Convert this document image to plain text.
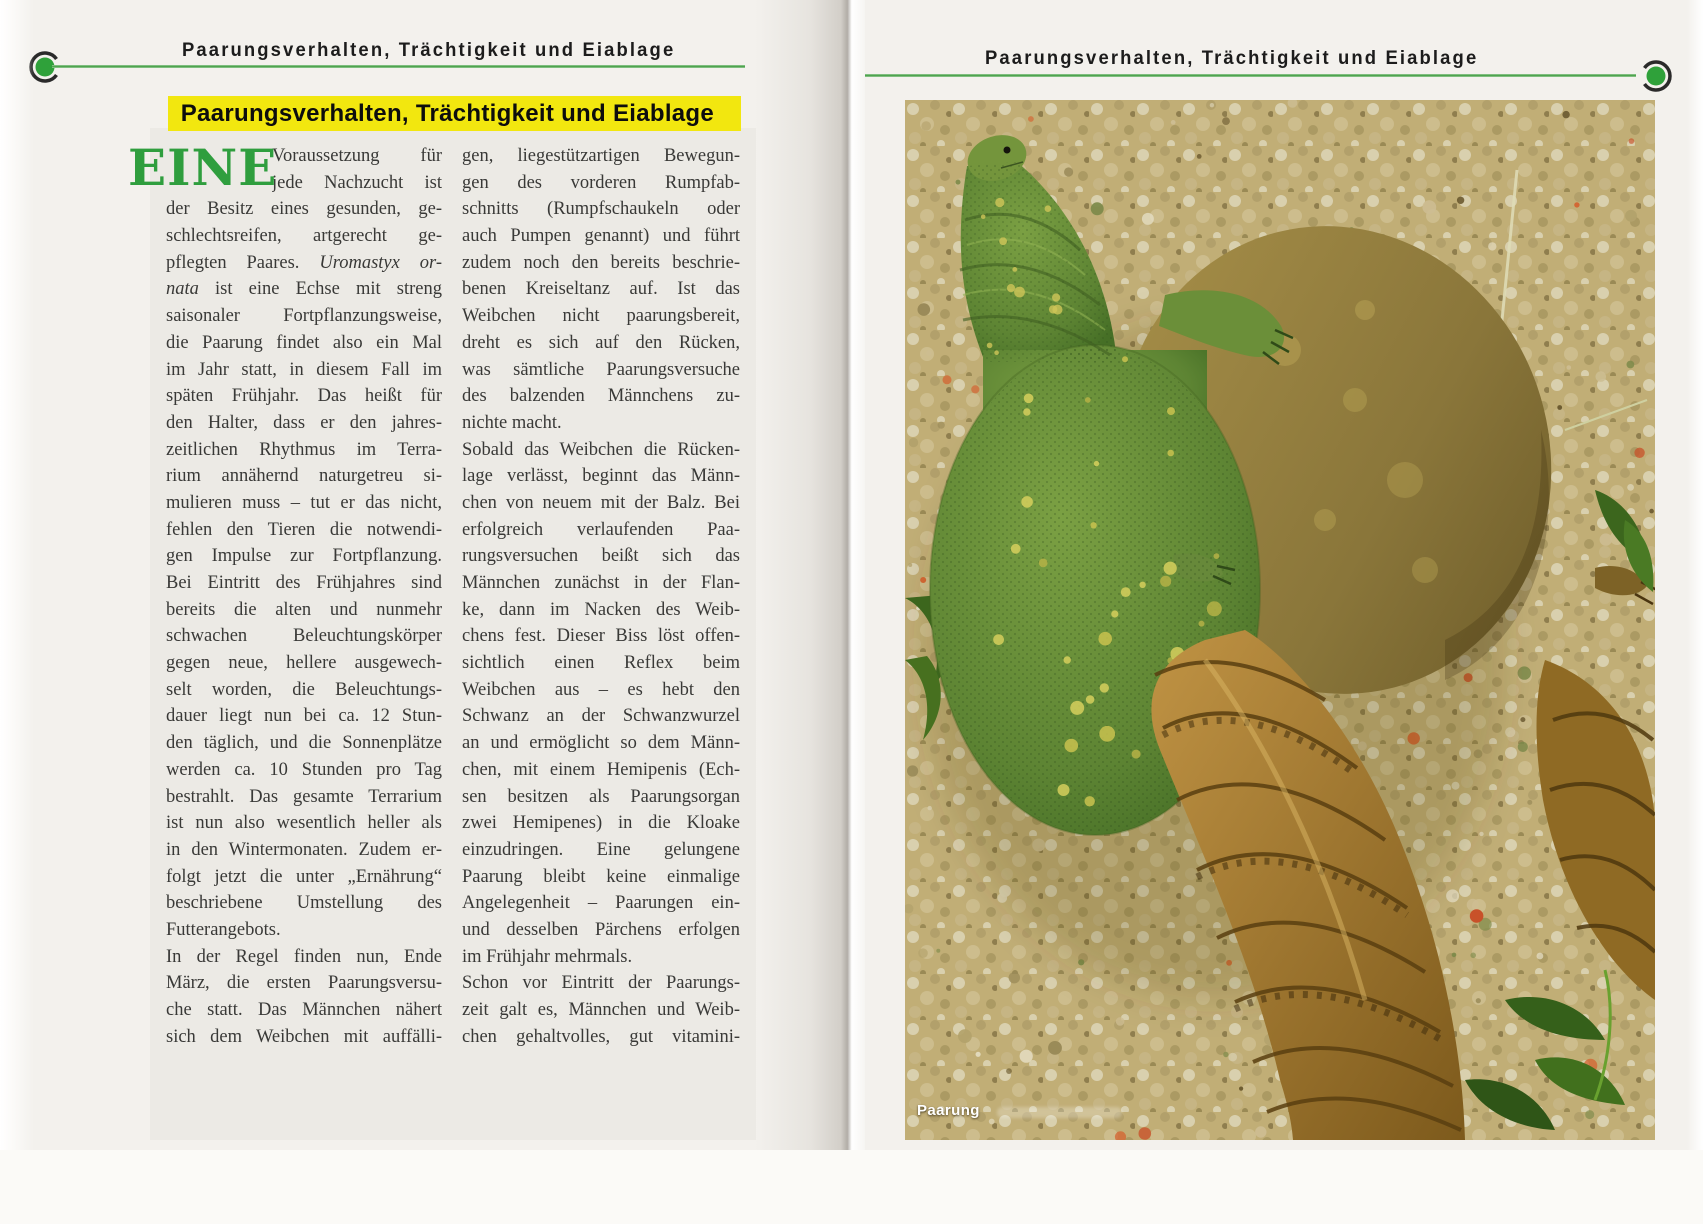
Paarungsverhalten, Trächtigkeit und Eiablage
Paarungsverhalten, Trächtigkeit und Eiablage
EINE
Voraussetzung für
jede Nachzucht ist
der Besitz eines gesunden, ge-
schlechtsreifen, artgerecht ge-
pflegten Paares. Uromastyx or-
nata ist eine Echse mit streng
saisonaler Fortpflanzungsweise,
die Paarung findet also ein Mal
im Jahr statt, in diesem Fall im
späten Frühjahr. Das heißt für
den Halter, dass er den jahres-
zeitlichen Rhythmus im Terra-
rium annähernd naturgetreu si-
mulieren muss – tut er das nicht,
fehlen den Tieren die notwendi-
gen Impulse zur Fortpflanzung.
Bei Eintritt des Frühjahres sind
bereits die alten und nunmehr
schwachen Beleuchtungskörper
gegen neue, hellere ausgewech-
selt worden, die Beleuchtungs-
dauer liegt nun bei ca. 12 Stun-
den täglich, und die Sonnenplätze
werden ca. 10 Stunden pro Tag
bestrahlt. Das gesamte Terrarium
ist nun also wesentlich heller als
in den Wintermonaten. Zudem er-
folgt jetzt die unter „Ernährung“
beschriebene Umstellung des
Futterangebots.
In der Regel finden nun, Ende
März, die ersten Paarungsversu-
che statt. Das Männchen nähert
sich dem Weibchen mit auffälli-
gen, liegestützartigen Bewegun-
gen des vorderen Rumpfab-
schnitts (Rumpfschaukeln oder
auch Pumpen genannt) und führt
zudem noch den bereits beschrie-
benen Kreiseltanz auf. Ist das
Weibchen nicht paarungsbereit,
dreht es sich auf den Rücken,
was sämtliche Paarungsversuche
des balzenden Männchens zu-
nichte macht.
Sobald das Weibchen die Rücken-
lage verlässt, beginnt das Männ-
chen von neuem mit der Balz. Bei
erfolgreich verlaufenden Paa-
rungsversuchen beißt sich das
Männchen zunächst in der Flan-
ke, dann im Nacken des Weib-
chens fest. Dieser Biss löst offen-
sichtlich einen Reflex beim
Weibchen aus – es hebt den
Schwanz an der Schwanzwurzel
an und ermöglicht so dem Männ-
chen, mit einem Hemipenis (Ech-
sen besitzen als Paarungsorgan
zwei Hemipenes) in die Kloake
einzudringen. Eine gelungene
Paarung bleibt keine einmalige
Angelegenheit – Paarungen ein-
und desselben Pärchens erfolgen
im Frühjahr mehrmals.
Schon vor Eintritt der Paarungs-
zeit galt es, Männchen und Weib-
chen gehaltvolles, gut vitamini-
Paarungsverhalten, Trächtigkeit und Eiablage
Paarung
